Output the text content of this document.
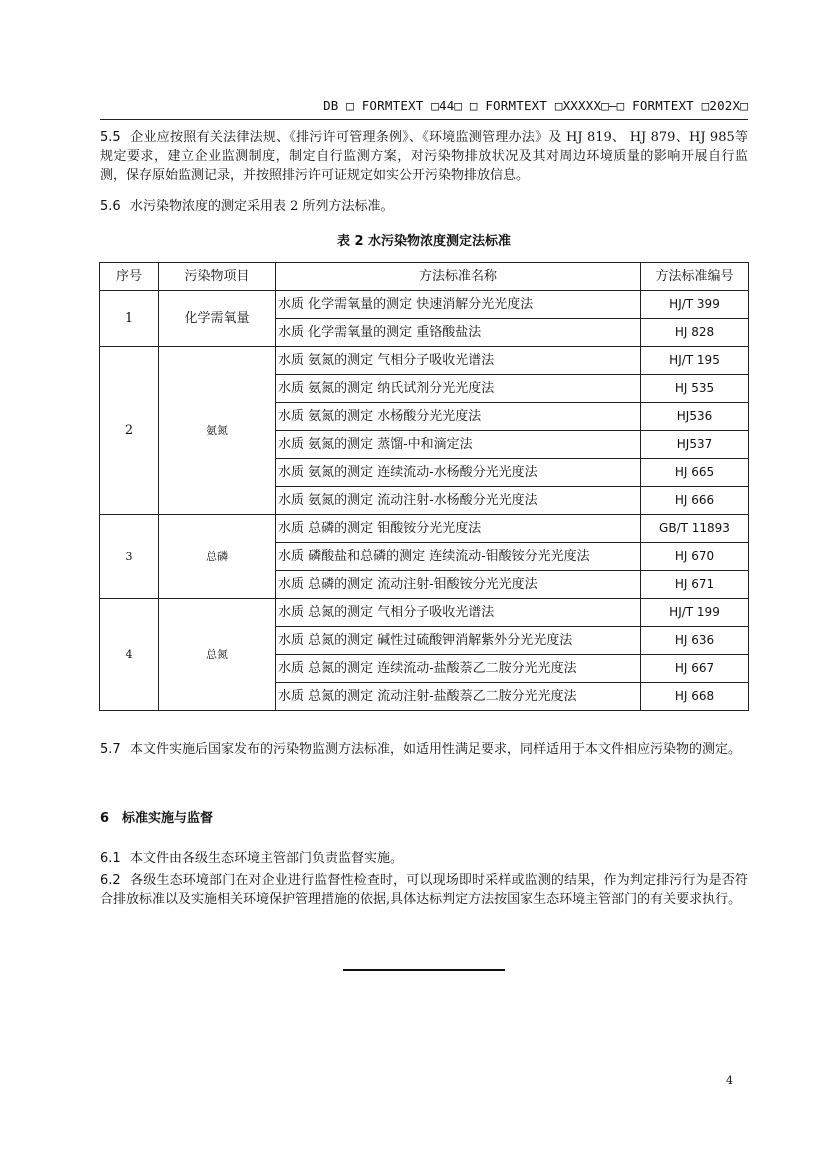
DB □ FORMTEXT □44□ □ FORMTEXT □XXXXX□—□ FORMTEXT □202X□
5.5 企业应按照有关法律法规、《排污许可管理条例》、《环境监测管理办法》及 HJ 819、 HJ 879、HJ 985等规定要求，建立企业监测制度，制定自行监测方案，对污染物排放状况及其对周边环境质量的影响开展自行监测，保存原始监测记录，并按照排污许可证规定如实公开污染物排放信息。
5.6 水污染物浓度的测定采用表 2 所列方法标准。
表 2 水污染物浓度测定法标准
序号	污染物项目	方法标准名称	方法标准编号
1	化学需氧量	水质 化学需氧量的测定 快速消解分光光度法	HJ/T 399
		水质 化学需氧量的测定 重铬酸盐法	HJ 828
2	氨氮	水质 氨氮的测定 气相分子吸收光谱法	HJ/T 195
		水质 氨氮的测定 纳氏试剂分光光度法	HJ 535
		水质 氨氮的测定 水杨酸分光光度法	HJ536
		水质 氨氮的测定 蒸馏-中和滴定法	HJ537
		水质 氨氮的测定 连续流动-水杨酸分光光度法	HJ 665
		水质 氨氮的测定 流动注射-水杨酸分光光度法	HJ 666
3	总磷	水质 总磷的测定 钼酸铵分光光度法	GB/T 11893
		水质 磷酸盐和总磷的测定 连续流动-钼酸铵分光光度法	HJ 670
		水质 总磷的测定 流动注射-钼酸铵分光光度法	HJ 671
4	总氮	水质 总氮的测定 气相分子吸收光谱法	HJ/T 199
		水质 总氮的测定 碱性过硫酸钾消解紫外分光光度法	HJ 636
		水质 总氮的测定 连续流动-盐酸萘乙二胺分光光度法	HJ 667
		水质 总氮的测定 流动注射-盐酸萘乙二胺分光光度法	HJ 668
5.7 本文件实施后国家发布的污染物监测方法标准，如适用性满足要求，同样适用于本文件相应污染物的测定。
6 标准实施与监督
6.1 本文件由各级生态环境主管部门负责监督实施。
6.2 各级生态环境部门在对企业进行监督性检查时，可以现场即时采样或监测的结果，作为判定排污行为是否符合排放标准以及实施相关环境保护管理措施的依据,具体达标判定方法按国家生态环境主管部门的有关要求执行。
4
